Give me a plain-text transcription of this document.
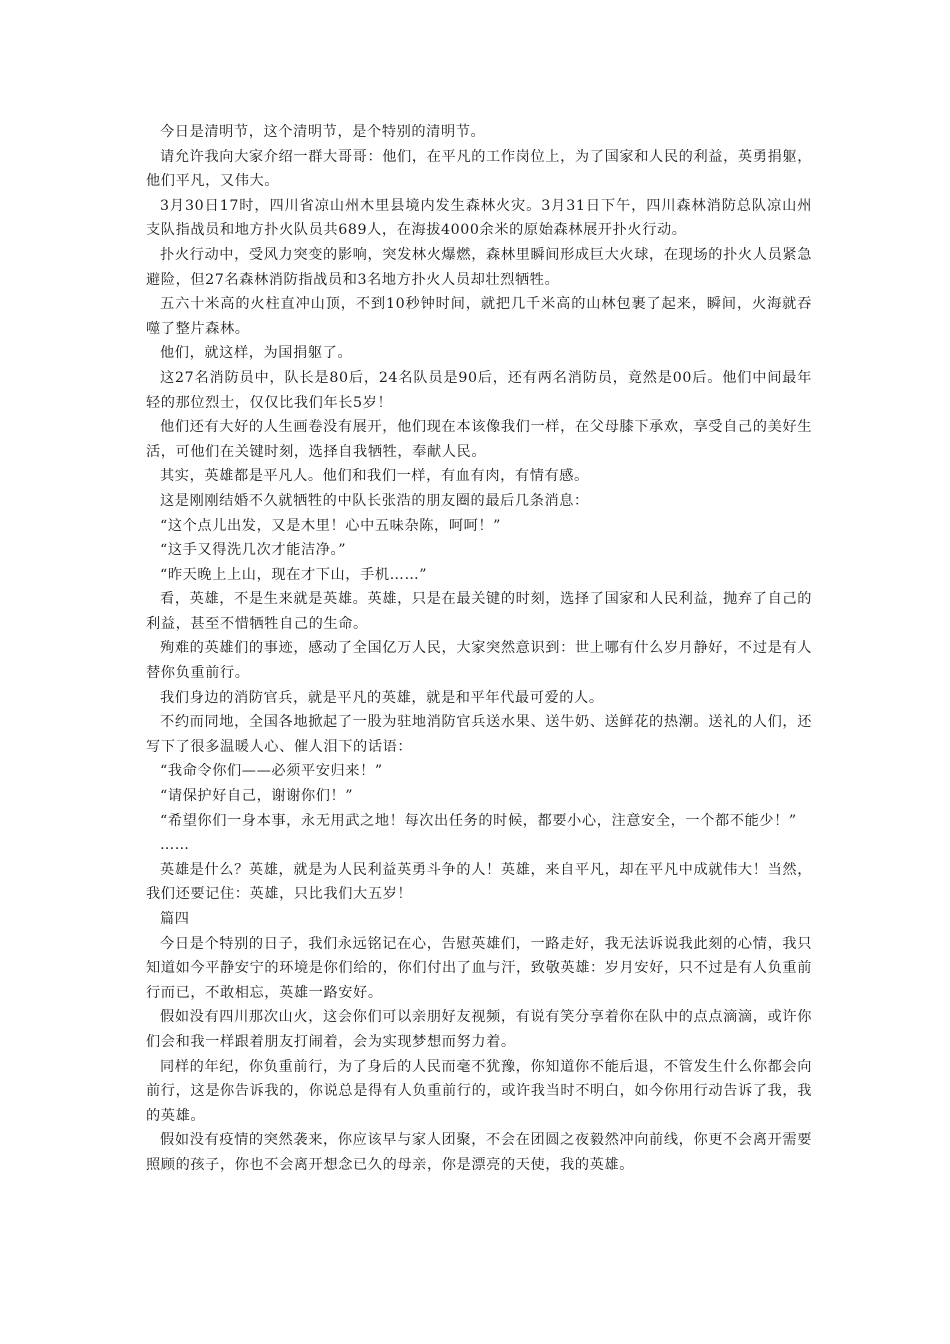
今日是清明节，这个清明节，是个特别的清明节。

请允许我向大家介绍一群大哥哥：他们，在平凡的工作岗位上，为了国家和人民的利益，英勇捐躯，他们平凡，又伟大。

3月30日17时，四川省凉山州木里县境内发生森林火灾。3月31日下午，四川森林消防总队凉山州支队指战员和地方扑火队员共689人，在海拔4000余米的原始森林展开扑火行动。

扑火行动中，受风力突变的影响，突发林火爆燃，森林里瞬间形成巨大火球，在现场的扑火人员紧急避险，但27名森林消防指战员和3名地方扑火人员却壮烈牺牲。

五六十米高的火柱直冲山顶，不到10秒钟时间，就把几千米高的山林包裹了起来，瞬间，火海就吞噬了整片森林。

他们，就这样，为国捐躯了。

这27名消防员中，队长是80后，24名队员是90后，还有两名消防员，竟然是00后。他们中间最年轻的那位烈士，仅仅比我们年长5岁！

他们还有大好的人生画卷没有展开，他们现在本该像我们一样，在父母膝下承欢，享受自己的美好生活，可他们在关键时刻，选择自我牺牲，奉献人民。

其实，英雄都是平凡人。他们和我们一样，有血有肉，有情有感。

这是刚刚结婚不久就牺牲的中队长张浩的朋友圈的最后几条消息：

“这个点儿出发，又是木里！心中五味杂陈，呵呵！”

“这手又得洗几次才能洁净。”

“昨天晚上上山，现在才下山，手机……”

看，英雄，不是生来就是英雄。英雄，只是在最关键的时刻，选择了国家和人民利益，抛弃了自己的利益，甚至不惜牺牲自己的生命。

殉难的英雄们的事迹，感动了全国亿万人民，大家突然意识到：世上哪有什么岁月静好，不过是有人替你负重前行。

我们身边的消防官兵，就是平凡的英雄，就是和平年代最可爱的人。

不约而同地，全国各地掀起了一股为驻地消防官兵送水果、送牛奶、送鲜花的热潮。送礼的人们，还写下了很多温暖人心、催人泪下的话语：

“我命令你们——必须平安归来！”

“请保护好自己，谢谢你们！”

“希望你们一身本事，永无用武之地！每次出任务的时候，都要小心，注意安全，一个都不能少！”

……

英雄是什么？英雄，就是为人民利益英勇斗争的人！英雄，来自平凡，却在平凡中成就伟大！当然，我们还要记住：英雄，只比我们大五岁！

篇四

今日是个特别的日子，我们永远铭记在心，告慰英雄们，一路走好，我无法诉说我此刻的心情，我只知道如今平静安宁的环境是你们给的，你们付出了血与汗，致敬英雄：岁月安好，只不过是有人负重前行而已，不敢相忘，英雄一路安好。

假如没有四川那次山火，这会你们可以亲朋好友视频，有说有笑分享着你在队中的点点滴滴，或许你们会和我一样跟着朋友打闹着，会为实现梦想而努力着。

同样的年纪，你负重前行，为了身后的人民而毫不犹豫，你知道你不能后退，不管发生什么你都会向前行，这是你告诉我的，你说总是得有人负重前行的，或许我当时不明白，如今你用行动告诉了我，我的英雄。

假如没有疫情的突然袭来，你应该早与家人团聚，不会在团圆之夜毅然冲向前线，你更不会离开需要照顾的孩子，你也不会离开想念已久的母亲，你是漂亮的天使，我的英雄。
